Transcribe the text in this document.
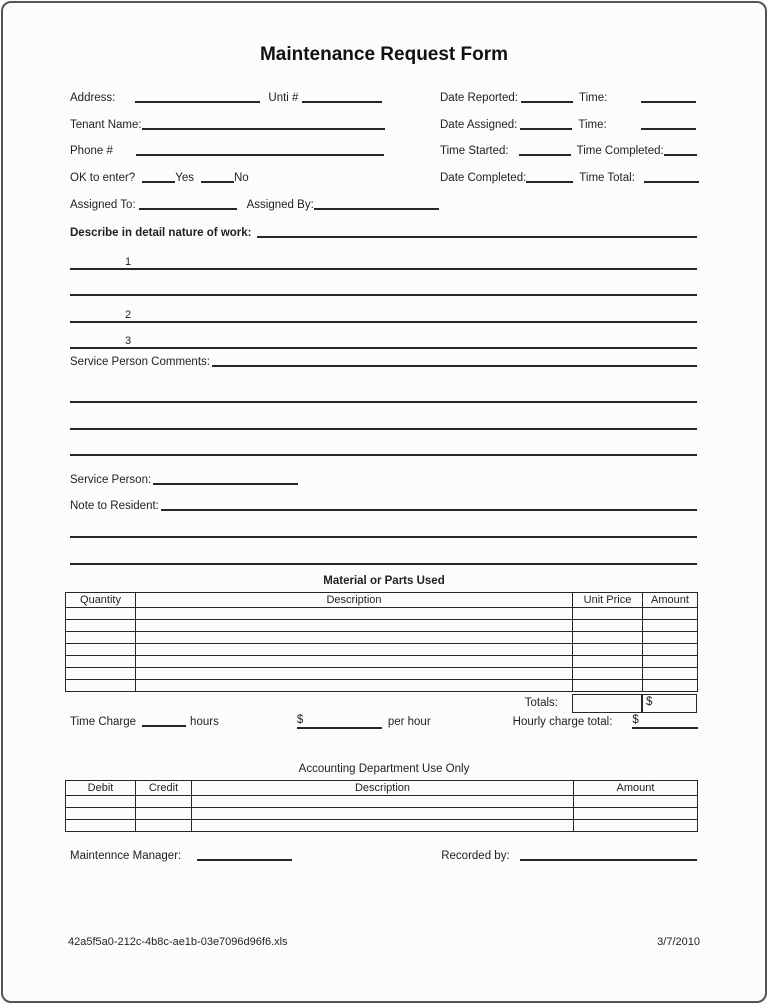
Maintenance Request Form
Address:	Unti #
Tenant Name:
Phone #
OK to enter?	Yes	No
Assigned To:	Assigned By:
Date Reported:	Time:
Date Assigned:	Time:
Time Started:	Time Completed:
Date Completed:	Time Total:
Describe in detail nature of work:
1
2
3
Service Person Comments:
Service Person:
Note to Resident:

Material or Parts Used

Quantity	Description	Unit Price	Amount

Totals:	$
Time Charge	hours	$	per hour	Hourly charge total: $

Accounting Department Use Only

Debit	Credit	Description	Amount

Maintennce Manager:	Recorded by:
42a5f5a0-212c-4b8c-ae1b-03e7096d96f6.xls	3/7/2010
